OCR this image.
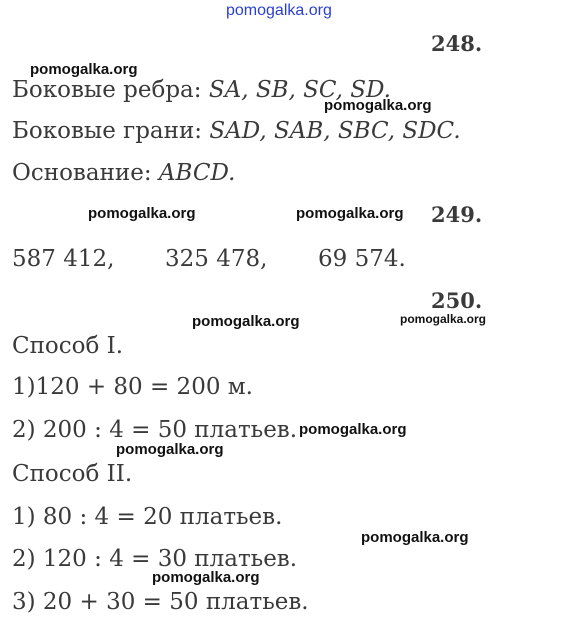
pomogalka.org
248.
pomogalka.org
Боковые ребра: SA, SB, SC, SD.
pomogalka.org
Боковые грани: SAD, SAB, SBC, SDC.
Основание: ABCD.
pomogalka.org	pomogalka.org 249.
587 412, 325 478, 69 574.
250.
pomogalka.org
pomogalka.org
Способ I.
1)120 + 80 = 200 м.
2) 200 : 4 = 50 платьев. pomogalka.org
pomogalka.org
Способ II.
1) 80 : 4 = 20 платьев.
pomogalka.org
2) 120 : 4 = 30 платьев.
pomogalka.org
3) 20 + 30 = 50 платьев.
